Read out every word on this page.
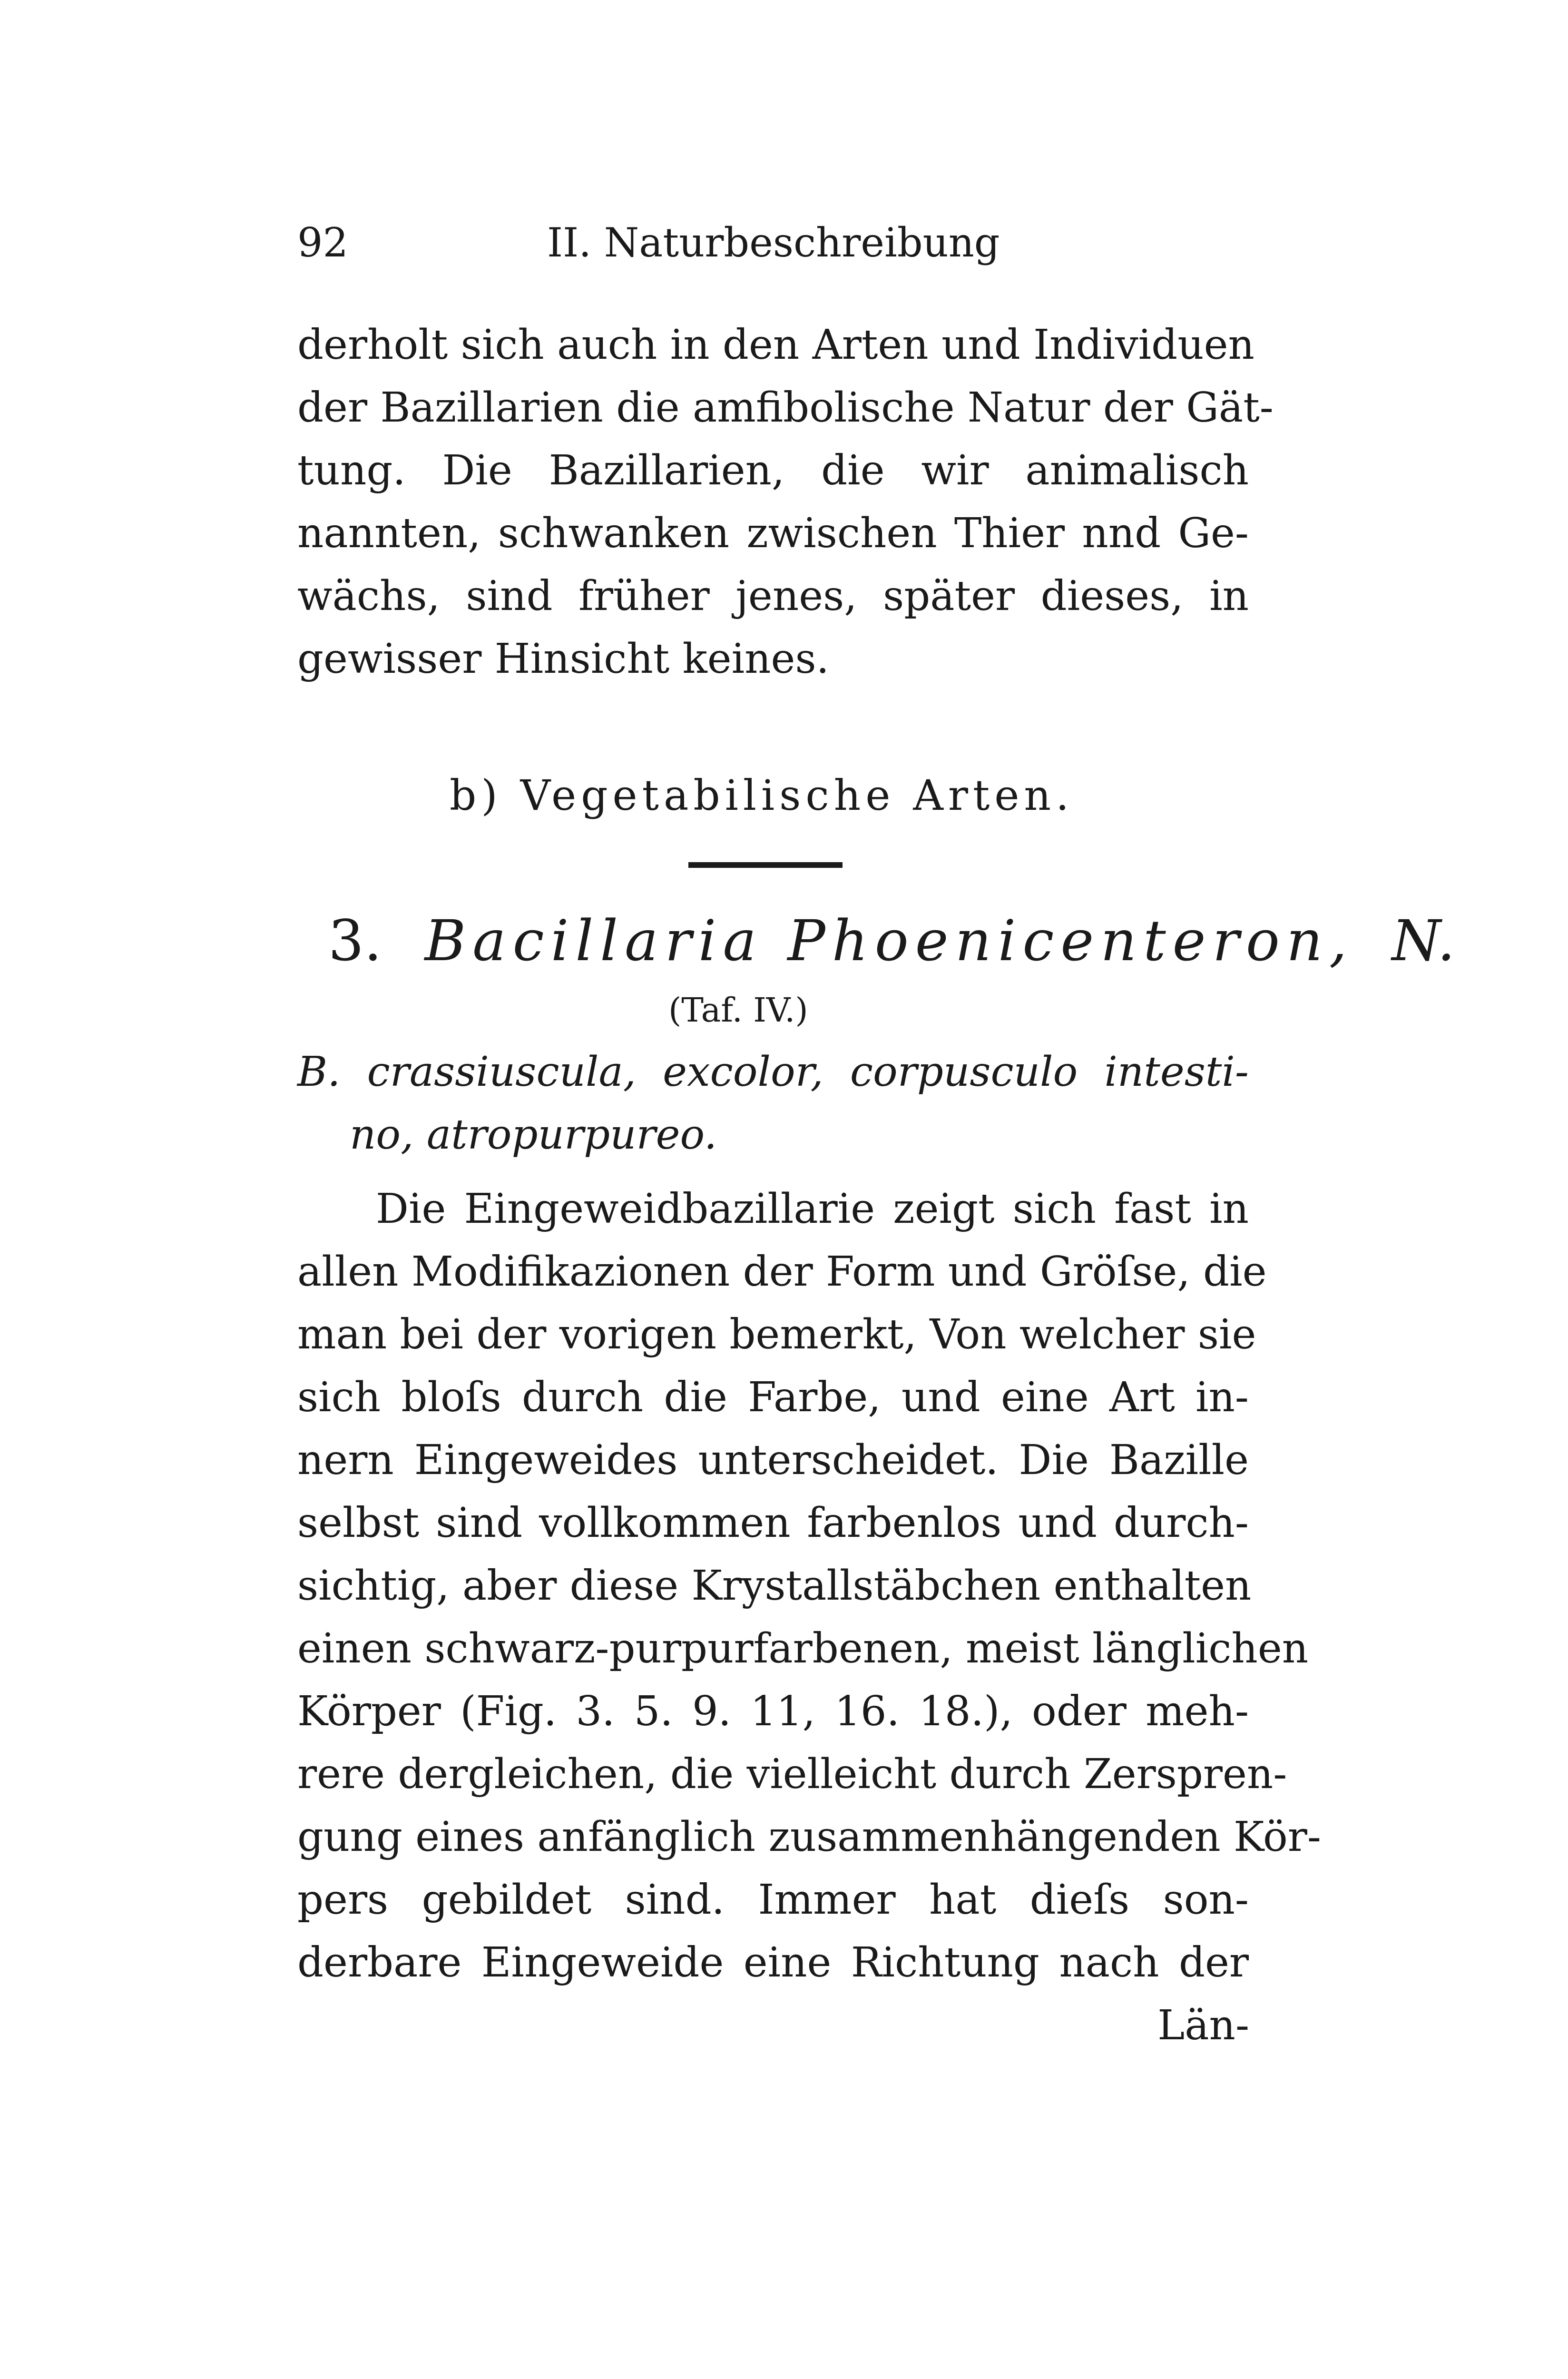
92	II. Naturbeschreibung
derholt sich auch in den Arten und Individuen
der Bazillarien die amfibolische Natur der Gät-
tung. Die Bazillarien, die wir animalisch
nannten, schwanken zwischen Thier nnd Ge-
wächs, sind früher jenes, später dieses, in
gewisser Hinsicht keines.
b) Vegetabilische Arten.
3. Bacillaria Phoenicenteron, N.
(Taf. IV.)
B. crassiuscula, excolor, corpusculo intesti-
no, atropurpureo.
Die Eingeweidbazillarie zeigt sich fast in
allen Modifikazionen der Form und Gröſse, die
man bei der vorigen bemerkt, Von welcher sie
sich bloſs durch die Farbe, und eine Art in-
nern Eingeweides unterscheidet. Die Bazille
selbst sind vollkommen farbenlos und durch-
sichtig, aber diese Krystallstäbchen enthalten
einen schwarz-purpurfarbenen, meist länglichen
Körper (Fig. 3. 5. 9. 11, 16. 18.), oder meh-
rere dergleichen, die vielleicht durch Zerspren-
gung eines anfänglich zusammenhängenden Kör-
pers gebildet sind. Immer hat dieſs son-
derbare Eingeweide eine Richtung nach der
Län-
